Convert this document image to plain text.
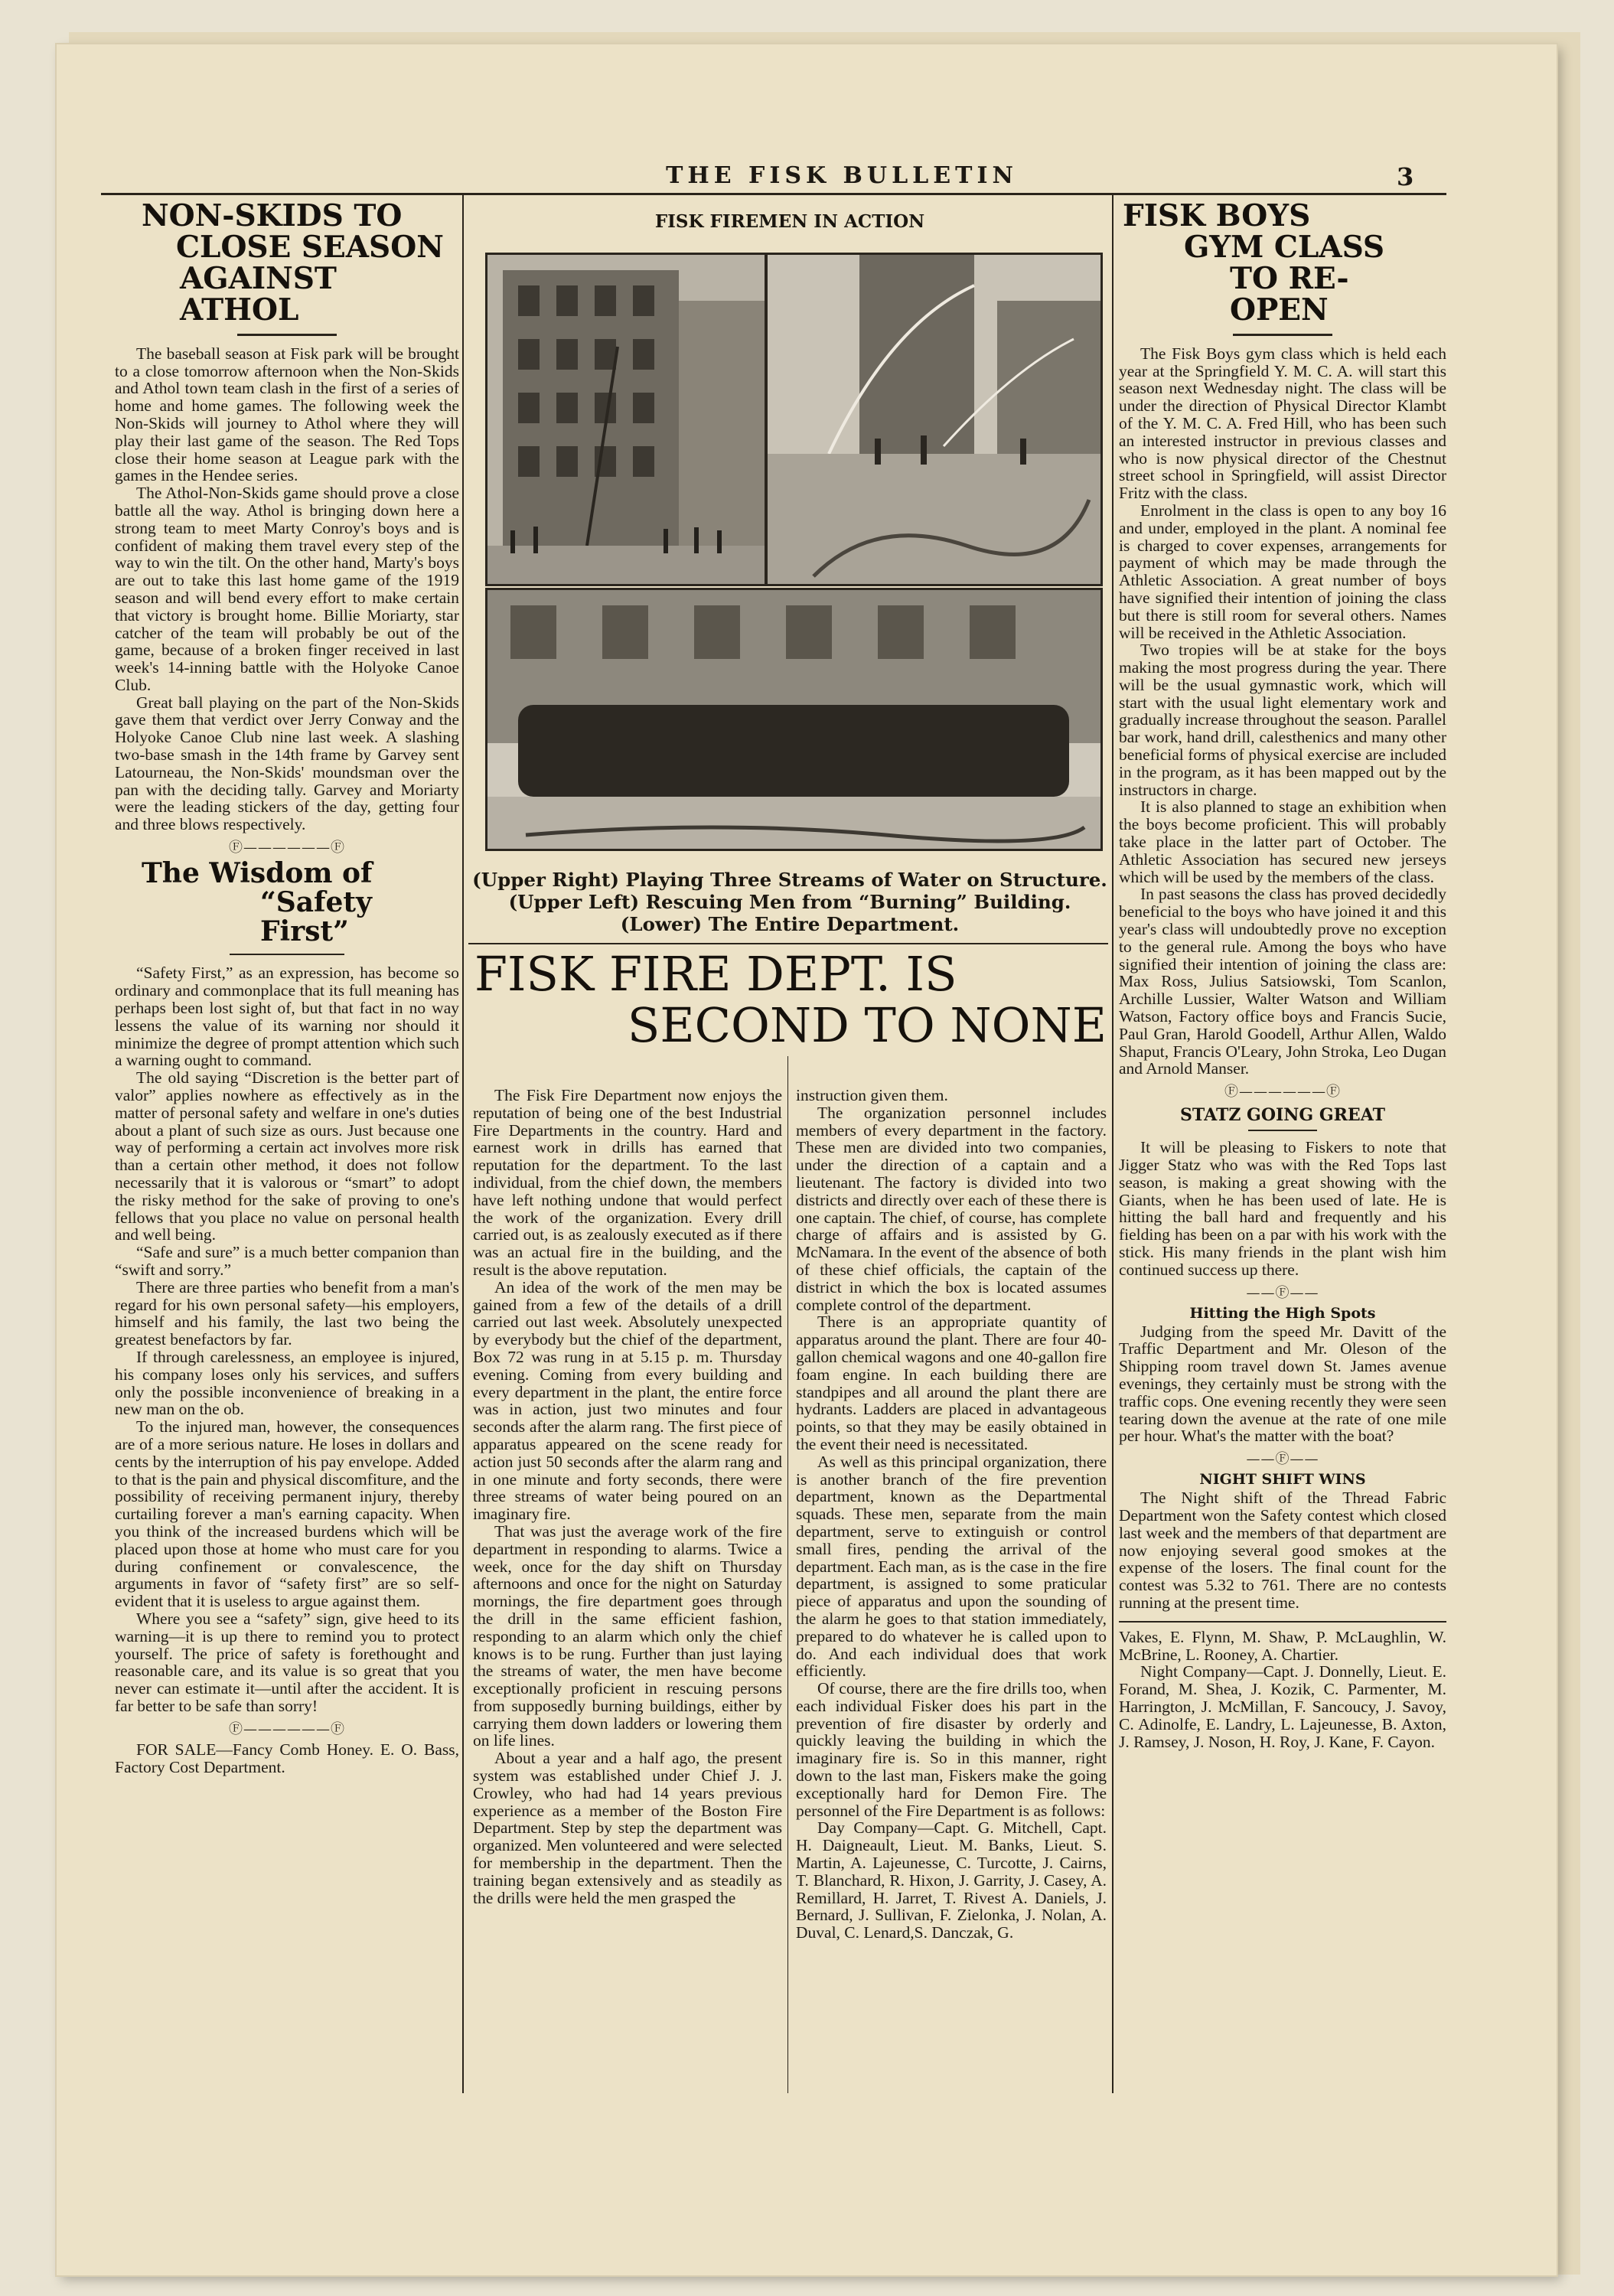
THE FISK BULLETIN	3
NON-SKIDS TO
CLOSE SEASON
AGAINST ATHOL

The baseball season at Fisk park will be brought to a close tomorrow afternoon when the Non-Skids and Athol town team clash in the first of a series of home and home games. The following week the Non-Skids will journey to Athol where they will play their last game of the season. The Red Tops close their home season at League park with the games in the Hendee series.

The Athol-Non-Skids game should prove a close battle all the way. Athol is bringing down here a strong team to meet Marty Conroy's boys and is confident of making them travel every step of the way to win the tilt. On the other hand, Marty's boys are out to take this last home game of the 1919 season and will bend every effort to make certain that victory is brought home. Billie Moriarty, star catcher of the team will probably be out of the game, because of a broken finger received in last week's 14-inning battle with the Holyoke Canoe Club.

Great ball playing on the part of the Non-Skids gave them that verdict over Jerry Conway and the Holyoke Canoe Club nine last week. A slashing two-base smash in the 14th frame by Garvey sent Latourneau, the Non-Skids' moundsman over the pan with the deciding tally. Garvey and Moriarty were the leading stickers of the day, getting four and three blows respectively.

Ⓕ——————Ⓕ
The Wisdom of
“Safety First”

“Safety First,” as an expression, has become so ordinary and commonplace that its full meaning has perhaps been lost sight of, but that fact in no way lessens the value of its warning nor should it minimize the degree of prompt attention which such a warning ought to command.

The old saying “Discretion is the better part of valor” applies nowhere as effectively as in the matter of personal safety and welfare in one's duties about a plant of such size as ours. Just because one way of performing a certain act involves more risk than a certain other method, it does not follow necessarily that it is valorous or “smart” to adopt the risky method for the sake of proving to one's fellows that you place no value on personal health and well being.

“Safe and sure” is a much better companion than “swift and sorry.”

There are three parties who benefit from a man's regard for his own personal safety—his employers, himself and his family, the last two being the greatest benefactors by far.

If through carelessness, an employee is injured, his company loses only his services, and suffers only the possible inconvenience of breaking in a new man on the ob.

To the injured man, however, the consequences are of a more serious nature. He loses in dollars and cents by the interruption of his pay envelope. Added to that is the pain and physical discomfiture, and the possibility of receiving permanent injury, thereby curtailing forever a man's earning capacity. When you think of the increased burdens which will be placed upon those at home who must care for you during confinement or convalescence, the arguments in favor of “safety first” are so self-evident that it is useless to argue against them.

Where you see a “safety” sign, give heed to its warning—it is up there to remind you to protect yourself. The price of safety is forethought and reasonable care, and its value is so great that you never can estimate it—until after the accident. It is far better to be safe than sorry!

Ⓕ——————Ⓕ

FOR SALE—Fancy Comb Honey. E. O. Bass, Factory Cost Department.

FISK FIREMEN IN ACTION
(Upper Right) Playing Three Streams of Water on Structure.
(Upper Left) Rescuing Men from “Burning” Building.
(Lower) The Entire Department.
FISK FIRE DEPT. IS
SECOND TO NONE

The Fisk Fire Department now enjoys the reputation of being one of the best Industrial Fire Departments in the country. Hard and earnest work in drills has earned that reputation for the department. To the last individual, from the chief down, the members have left nothing undone that would perfect the work of the organization. Every drill carried out, is as zealously executed as if there was an actual fire in the building, and the result is the above reputation.

An idea of the work of the men may be gained from a few of the details of a drill carried out last week. Absolutely unexpected by everybody but the chief of the department, Box 72 was rung in at 5.15 p. m. Thursday evening. Coming from every building and every department in the plant, the entire force was in action, just two minutes and four seconds after the alarm rang. The first piece of apparatus appeared on the scene ready for action just 50 seconds after the alarm rang and in one minute and forty seconds, there were three streams of water being poured on an imaginary fire.

That was just the average work of the fire department in responding to alarms. Twice a week, once for the day shift on Thursday afternoons and once for the night on Saturday mornings, the fire department goes through the drill in the same efficient fashion, responding to an alarm which only the chief knows is to be rung. Further than just laying the streams of water, the men have become exceptionally proficient in rescuing persons from supposedly burning buildings, either by carrying them down ladders or lowering them on life lines.

About a year and a half ago, the present system was established under Chief J. J. Crowley, who had had 14 years previous experience as a member of the Boston Fire Department. Step by step the department was organized. Men volunteered and were selected for membership in the department. Then the training began extensively and as steadily as the drills were held the men grasped the

instruction given them.

The organization personnel includes members of every department in the factory. These men are divided into two companies, under the direction of a captain and a lieutenant. The factory is divided into two districts and directly over each of these there is one captain. The chief, of course, has complete charge of affairs and is assisted by G. McNamara. In the event of the absence of both of these chief officials, the captain of the district in which the box is located assumes complete control of the department.

There is an appropriate quantity of apparatus around the plant. There are four 40-gallon chemical wagons and one 40-gallon fire foam engine. In each building there are standpipes and all around the plant there are hydrants. Ladders are placed in advantageous points, so that they may be easily obtained in the event their need is necessitated.

As well as this principal organization, there is another branch of the fire prevention department, known as the Departmental squads. These men, separate from the main department, serve to extinguish or control small fires, pending the arrival of the department. Each man, as is the case in the fire department, is assigned to some praticular piece of apparatus and upon the sounding of the alarm he goes to that station immediately, prepared to do whatever he is called upon to do. And each individual does that work efficiently.

Of course, there are the fire drills too, when each individual Fisker does his part in the prevention of fire disaster by orderly and quickly leaving the building in which the imaginary fire is. So in this manner, right down to the last man, Fiskers make the going exceptionally hard for Demon Fire. The personnel of the Fire Department is as follows:

Day Company—Capt. G. Mitchell, Capt. H. Daigneault, Lieut. M. Banks, Lieut. S. Martin, A. Lajeunesse, C. Turcotte, J. Cairns, T. Blanchard, R. Hixon, J. Garrity, J. Casey, A. Remillard, H. Jarret, T. Rivest A. Daniels, J. Bernard, J. Sullivan, F. Zielonka, J. Nolan, A. Duval, C. Lenard,S. Danczak, G.

FISK BOYS
GYM CLASS
TO RE-OPEN

The Fisk Boys gym class which is held each year at the Springfield Y. M. C. A. will start this season next Wednesday night. The class will be under the direction of Physical Director Klambt of the Y. M. C. A. Fred Hill, who has been such an interested instructor in previous classes and who is now physical director of the Chestnut street school in Springfield, will assist Director Fritz with the class.

Enrolment in the class is open to any boy 16 and under, employed in the plant. A nominal fee is charged to cover expenses, arrangements for payment of which may be made through the Athletic Association. A great number of boys have signified their intention of joining the class but there is still room for several others. Names will be received in the Athletic Association.

Two tropies will be at stake for the boys making the most progress during the year. There will be the usual gymnastic work, which will start with the usual light elementary work and gradually increase throughout the season. Parallel bar work, hand drill, calesthenics and many other beneficial forms of physical exercise are included in the program, as it has been mapped out by the instructors in charge.

It is also planned to stage an exhibition when the boys become proficient. This will probably take place in the latter part of October. The Athletic Association has secured new jerseys which will be used by the members of the class.

In past seasons the class has proved decidedly beneficial to the boys who have joined it and this year's class will undoubtedly prove no exception to the general rule. Among the boys who have signified their intention of joining the class are: Max Ross, Julius Satsiowski, Tom Scanlon, Archille Lussier, Walter Watson and William Watson, Factory office boys and Francis Sucie, Paul Gran, Harold Goodell, Arthur Allen, Waldo Shaput, Francis O'Leary, John Stroka, Leo Dugan and Arnold Manser.

Ⓕ——————Ⓕ
STATZ GOING GREAT

It will be pleasing to Fiskers to note that Jigger Statz who was with the Red Tops last season, is making a great showing with the Giants, when he has been used of late. He is hitting the ball hard and frequently and his fielding has been on a par with his work with the stick. His many friends in the plant wish him continued success up there.

——Ⓕ——
Hitting the High Spots

Judging from the speed Mr. Davitt of the Traffic Department and Mr. Oleson of the Shipping room travel down St. James avenue evenings, they certainly must be strong with the traffic cops. One evening recently they were seen tearing down the avenue at the rate of one mile per hour. What's the matter with the boat?

——Ⓕ——
NIGHT SHIFT WINS

The Night shift of the Thread Fabric Department won the Safety contest which closed last week and the members of that department are now enjoying several good smokes at the expense of the losers. The final count for the contest was 5.32 to 761. There are no contests running at the present time.

Vakes, E. Flynn, M. Shaw, P. McLaughlin, W. McBrine, L. Rooney, A. Chartier.

Night Company—Capt. J. Donnelly, Lieut. E. Forand, M. Shea, J. Kozik, C. Parmenter, M. Harrington, J. McMillan, F. Sancoucy, J. Savoy, C. Adinolfe, E. Landry, L. Lajeunesse, B. Axton, J. Ramsey, J. Noson, H. Roy, J. Kane, F. Cayon.
